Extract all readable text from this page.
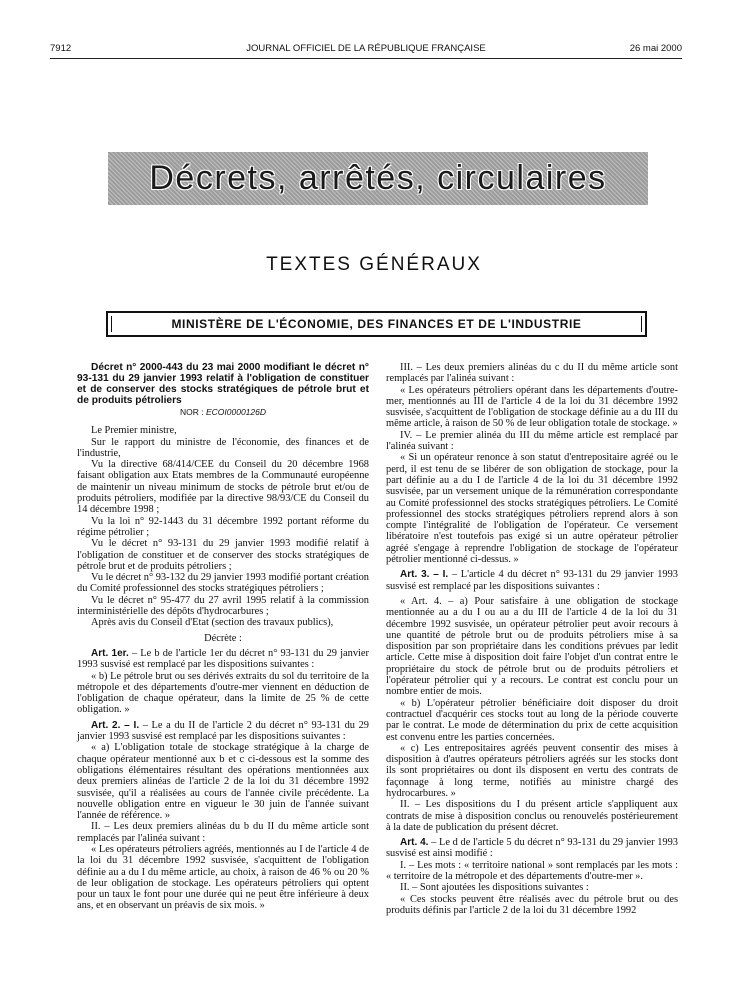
7912	JOURNAL OFFICIEL DE LA RÉPUBLIQUE FRANÇAISE	26 mai 2000
Décrets, arrêtés, circulaires
TEXTES GÉNÉRAUX
MINISTÈRE DE L'ÉCONOMIE, DES FINANCES ET DE L'INDUSTRIE

Décret n° 2000-443 du 23 mai 2000 modifiant le décret n° 93-131 du 29 janvier 1993 relatif à l'obligation de constituer et de conserver des stocks stratégiques de pétrole brut et de produits pétroliers

NOR : ECOI0000126D

Le Premier ministre,

Sur le rapport du ministre de l'économie, des finances et de l'industrie,

Vu la directive 68/414/CEE du Conseil du 20 décembre 1968 faisant obligation aux Etats membres de la Communauté européenne de maintenir un niveau minimum de stocks de pétrole brut et/ou de produits pétroliers, modifiée par la directive 98/93/CE du Conseil du 14 décembre 1998 ;

Vu la loi n° 92-1443 du 31 décembre 1992 portant réforme du régime pétrolier ;

Vu le décret n° 93-131 du 29 janvier 1993 modifié relatif à l'obligation de constituer et de conserver des stocks stratégiques de pétrole brut et de produits pétroliers ;

Vu le décret n° 93-132 du 29 janvier 1993 modifié portant création du Comité professionnel des stocks stratégiques pétroliers ;

Vu le décret n° 95-477 du 27 avril 1995 relatif à la commission interministérielle des dépôts d'hydrocarbures ;

Après avis du Conseil d'Etat (section des travaux publics),

Décrète :

Art. 1er. – Le b de l'article 1er du décret n° 93-131 du 29 janvier 1993 susvisé est remplacé par les dispositions suivantes :

« b) Le pétrole brut ou ses dérivés extraits du sol du territoire de la métropole et des départements d'outre-mer viennent en déduction de l'obligation de chaque opérateur, dans la limite de 25 % de cette obligation. »

Art. 2. – I. – Le a du II de l'article 2 du décret n° 93-131 du 29 janvier 1993 susvisé est remplacé par les dispositions suivantes :

« a) L'obligation totale de stockage stratégique à la charge de chaque opérateur mentionné aux b et c ci-dessous est la somme des obligations élémentaires résultant des opérations mentionnées aux deux premiers alinéas de l'article 2 de la loi du 31 décembre 1992 susvisée, qu'il a réalisées au cours de l'année civile précédente. La nouvelle obligation entre en vigueur le 30 juin de l'année suivant l'année de référence. »

II. – Les deux premiers alinéas du b du II du même article sont remplacés par l'alinéa suivant :

« Les opérateurs pétroliers agréés, mentionnés au I de l'article 4 de la loi du 31 décembre 1992 susvisée, s'acquittent de l'obligation définie au a du I du même article, au choix, à raison de 46 % ou 20 % de leur obligation de stockage. Les opérateurs pétroliers qui optent pour un taux le font pour une durée qui ne peut être inférieure à deux ans, et en observant un préavis de six mois. »

III. – Les deux premiers alinéas du c du II du même article sont remplacés par l'alinéa suivant :

« Les opérateurs pétroliers opérant dans les départements d'outre-mer, mentionnés au III de l'article 4 de la loi du 31 décembre 1992 susvisée, s'acquittent de l'obligation de stockage définie au a du III du même article, à raison de 50 % de leur obligation totale de stockage. »

IV. – Le premier alinéa du III du même article est remplacé par l'alinéa suivant :

« Si un opérateur renonce à son statut d'entrepositaire agréé ou le perd, il est tenu de se libérer de son obligation de stockage, pour la part définie au a du I de l'article 4 de la loi du 31 décembre 1992 susvisée, par un versement unique de la rémunération correspondante au Comité professionnel des stocks stratégiques pétroliers. Le Comité professionnel des stocks stratégiques pétroliers reprend alors à son compte l'intégralité de l'obligation de l'opérateur. Ce versement libératoire n'est toutefois pas exigé si un autre opérateur pétrolier agréé s'engage à reprendre l'obligation de stockage de l'opérateur pétrolier mentionné ci-dessus. »

Art. 3. – I. – L'article 4 du décret n° 93-131 du 29 janvier 1993 susvisé est remplacé par les dispositions suivantes :

« Art. 4. – a) Pour satisfaire à une obligation de stockage mentionnée au a du I ou au a du III de l'article 4 de la loi du 31 décembre 1992 susvisée, un opérateur pétrolier peut avoir recours à une quantité de pétrole brut ou de produits pétroliers mise à sa disposition par son propriétaire dans les conditions prévues par ledit article. Cette mise à disposition doit faire l'objet d'un contrat entre le propriétaire du stock de pétrole brut ou de produits pétroliers et l'opérateur pétrolier qui y a recours. Le contrat est conclu pour un nombre entier de mois.

« b) L'opérateur pétrolier bénéficiaire doit disposer du droit contractuel d'acquérir ces stocks tout au long de la période couverte par le contrat. Le mode de détermination du prix de cette acquisition est convenu entre les parties concernées.

« c) Les entrepositaires agréés peuvent consentir des mises à disposition à d'autres opérateurs pétroliers agréés sur les stocks dont ils sont propriétaires ou dont ils disposent en vertu des contrats de façonnage à long terme, notifiés au ministre chargé des hydrocarbures. »

II. – Les dispositions du I du présent article s'appliquent aux contrats de mise à disposition conclus ou renouvelés postérieurement à la date de publication du présent décret.

Art. 4. – Le d de l'article 5 du décret n° 93-131 du 29 janvier 1993 susvisé est ainsi modifié :

I. – Les mots : « territoire national » sont remplacés par les mots : « territoire de la métropole et des départements d'outre-mer ».

II. – Sont ajoutées les dispositions suivantes :

« Ces stocks peuvent être réalisés avec du pétrole brut ou des produits définis par l'article 2 de la loi du 31 décembre 1992
